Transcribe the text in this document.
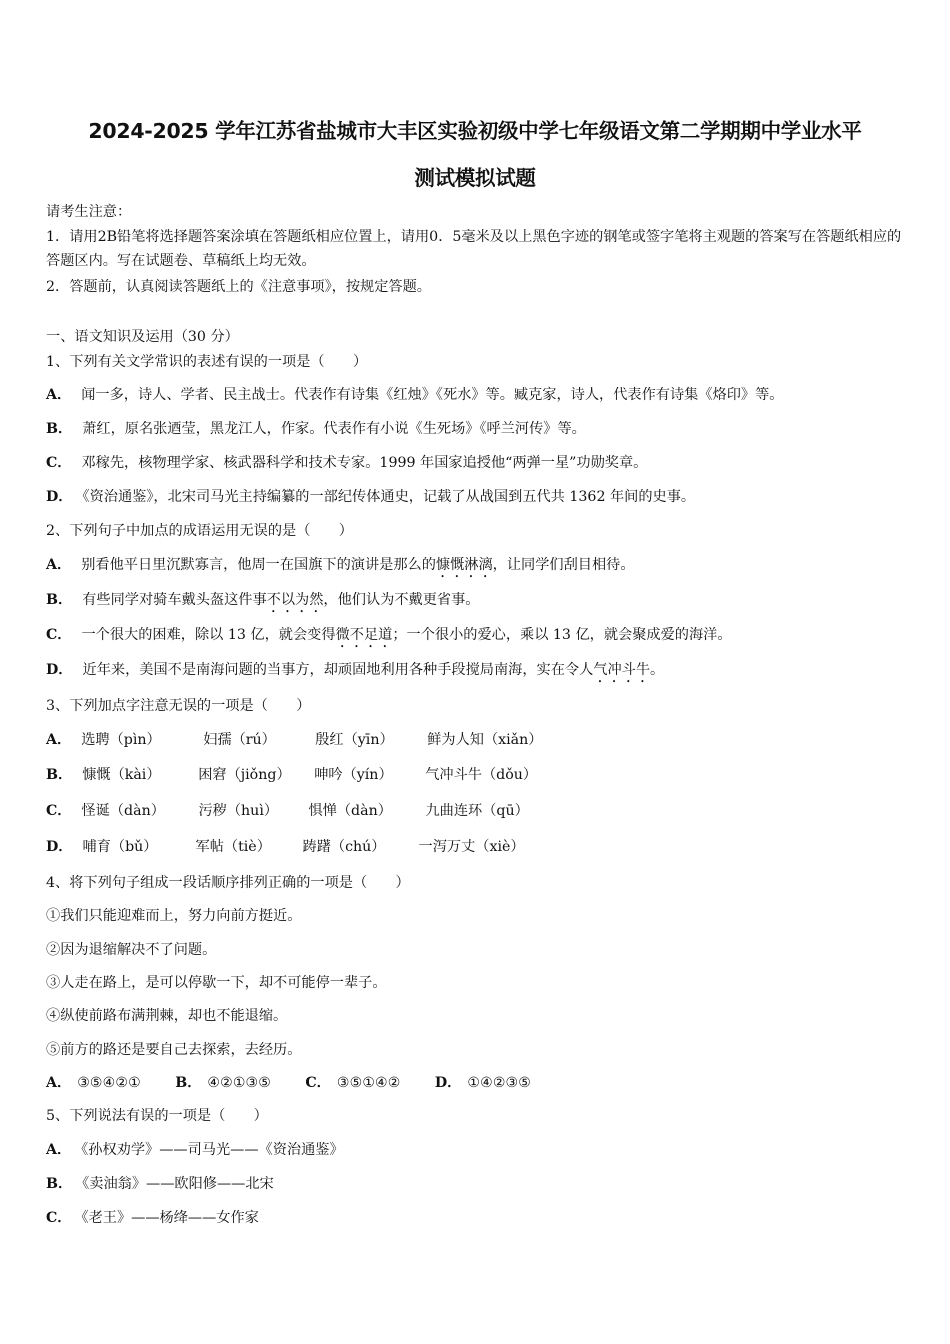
2024-2025 学年江苏省盐城市大丰区实验初级中学七年级语文第二学期期中学业水平
测试模拟试题
请考生注意：
1．请用2B铅笔将选择题答案涂填在答题纸相应位置上，请用0．5毫米及以上黑色字迹的钢笔或签字笔将主观题的答案写在答题纸相应的答题区内。写在试题卷、草稿纸上均无效。
2．答题前，认真阅读答题纸上的《注意事项》，按规定答题。
一、语文知识及运用（30 分）
1、下列有关文学常识的表述有误的一项是（　　）
A． 闻一多，诗人、学者、民主战士。代表作有诗集《红烛》《死水》等。臧克家，诗人，代表作有诗集《烙印》等。
B． 萧红，原名张迺莹，黑龙江人，作家。代表作有小说《生死场》《呼兰河传》等。
C． 邓稼先，核物理学家、核武器科学和技术专家。1999 年国家追授他“两弹一星”功勋奖章。
D． 《资治通鉴》，北宋司马光主持编纂的一部纪传体通史，记载了从战国到五代共 1362 年间的史事。
2、下列句子中加点的成语运用无误的是（　　）
A． 别看他平日里沉默寡言，他周一在国旗下的演讲是那么的慷慨淋漓，让同学们刮目相待。
B． 有些同学对骑车戴头盔这件事不以为然，他们认为不戴更省事。
C． 一个很大的困难，除以 13 亿，就会变得微不足道；一个很小的爱心，乘以 13 亿，就会聚成爱的海洋。
D． 近年来，美国不是南海问题的当事方，却顽固地利用各种手段搅局南海，实在令人气冲斗牛。
3、下列加点字注意无误的一项是（　　）
A． 选聘（pìn）	妇孺（rú）	殷红（yīn） 鲜为人知（xiǎn）
B． 慷慨（kài）	困窘（jiǒng） 呻吟（yín） 气冲斗牛（dǒu）
C． 怪诞（dàn） 污秽（huì） 惧惮（dàn） 九曲连环（qū）
D． 哺育（bǔ）	军帖（tiè） 踌躇（chú） 一泻万丈（xiè）
4、将下列句子组成一段话顺序排列正确的一项是（　　）
①我们只能迎难而上，努力向前方挺近。
②因为退缩解决不了问题。
③人走在路上，是可以停歇一下，却不可能停一辈子。
④纵使前路布满荆棘，却也不能退缩。
⑤前方的路还是要自己去探索，去经历。
A． ③⑤④②① B． ④②①③⑤ C． ③⑤①④② D． ①④②③⑤
5、下列说法有误的一项是（　　）
A． 《孙权劝学》——司马光——《资治通鉴》
B． 《卖油翁》——欧阳修——北宋
C． 《老王》——杨绛——女作家
